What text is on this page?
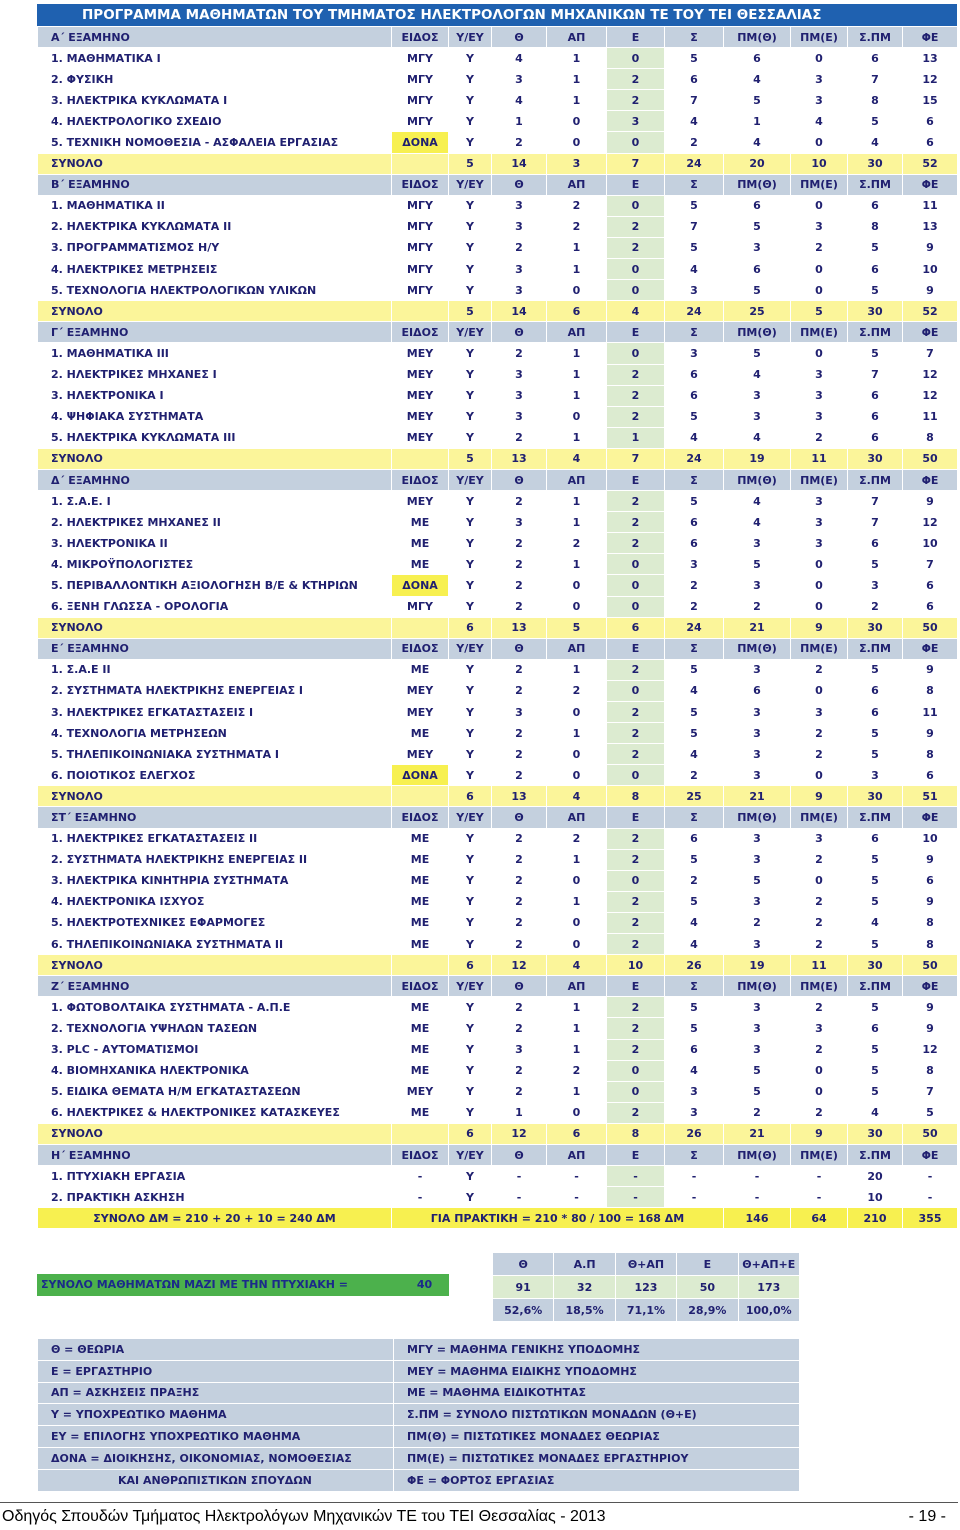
ΠΡΟΓΡΑΜΜΑ ΜΑΘΗΜΑΤΩΝ ΤΟΥ ΤΜΗΜΑΤΟΣ ΗΛΕΚΤΡΟΛΟΓΩΝ ΜΗΧΑΝΙΚΩΝ ΤΕ ΤΟΥ ΤΕΙ ΘΕΣΣΑΛΙΑΣ
Α΄ ΕΞΑΜΗΝΟ	ΕΙΔΟΣ	Υ/ΕΥ	Θ	ΑΠ	Ε	Σ	ΠΜ(Θ)	ΠΜ(Ε)	Σ.ΠΜ	ΦΕ
1. ΜΑΘΗΜΑΤΙΚΑ Ι	ΜΓΥ	Υ	4	1	0	5	6	0	6	13
2. ΦΥΣΙΚΗ	ΜΓΥ	Υ	3	1	2	6	4	3	7	12
3. ΗΛΕΚΤΡΙΚΑ ΚΥΚΛΩΜΑΤΑ Ι	ΜΓΥ	Υ	4	1	2	7	5	3	8	15
4. ΗΛΕΚΤΡΟΛΟΓΙΚΟ ΣΧΕΔΙΟ	ΜΓΥ	Υ	1	0	3	4	1	4	5	6
5. ΤΕΧΝΙΚΗ ΝΟΜΟΘΕΣΙΑ - ΑΣΦΑΛΕΙΑ ΕΡΓΑΣΙΑΣ	ΔΟΝΑ	Υ	2	0	0	2	4	0	4	6
ΣΥΝΟΛΟ		5	14	3	7	24	20	10	30	52
Β΄ ΕΞΑΜΗΝΟ	ΕΙΔΟΣ	Υ/ΕΥ	Θ	ΑΠ	Ε	Σ	ΠΜ(Θ)	ΠΜ(Ε)	Σ.ΠΜ	ΦΕ
1. ΜΑΘΗΜΑΤΙΚΑ ΙΙ	ΜΓΥ	Υ	3	2	0	5	6	0	6	11
2. ΗΛΕΚΤΡΙΚΑ ΚΥΚΛΩΜΑΤΑ ΙΙ	ΜΓΥ	Υ	3	2	2	7	5	3	8	13
3. ΠΡΟΓΡΑΜΜΑΤΙΣΜΟΣ Η/Υ	ΜΓΥ	Υ	2	1	2	5	3	2	5	9
4. ΗΛΕΚΤΡΙΚΕΣ ΜΕΤΡΗΣΕΙΣ	ΜΓΥ	Υ	3	1	0	4	6	0	6	10
5. ΤΕΧΝΟΛΟΓΙΑ ΗΛΕΚΤΡΟΛΟΓΙΚΩΝ ΥΛΙΚΩΝ	ΜΓΥ	Υ	3	0	0	3	5	0	5	9
ΣΥΝΟΛΟ		5	14	6	4	24	25	5	30	52
Γ΄ ΕΞΑΜΗΝΟ	ΕΙΔΟΣ	Υ/ΕΥ	Θ	ΑΠ	Ε	Σ	ΠΜ(Θ)	ΠΜ(Ε)	Σ.ΠΜ	ΦΕ
1. ΜΑΘΗΜΑΤΙΚΑ ΙΙΙ	ΜΕΥ	Υ	2	1	0	3	5	0	5	7
2. ΗΛΕΚΤΡΙΚΕΣ ΜΗΧΑΝΕΣ Ι	ΜΕΥ	Υ	3	1	2	6	4	3	7	12
3. ΗΛΕΚΤΡΟΝΙΚΑ Ι	ΜΕΥ	Υ	3	1	2	6	3	3	6	12
4. ΨΗΦΙΑΚΑ ΣΥΣΤΗΜΑΤΑ	ΜΕΥ	Υ	3	0	2	5	3	3	6	11
5. ΗΛΕΚΤΡΙΚΑ ΚΥΚΛΩΜΑΤΑ ΙΙΙ	ΜΕΥ	Υ	2	1	1	4	4	2	6	8
ΣΥΝΟΛΟ		5	13	4	7	24	19	11	30	50
Δ΄ ΕΞΑΜΗΝΟ	ΕΙΔΟΣ	Υ/ΕΥ	Θ	ΑΠ	Ε	Σ	ΠΜ(Θ)	ΠΜ(Ε)	Σ.ΠΜ	ΦΕ
1. Σ.Α.Ε. Ι	ΜΕΥ	Υ	2	1	2	5	4	3	7	9
2. ΗΛΕΚΤΡΙΚΕΣ ΜΗΧΑΝΕΣ ΙΙ	ΜΕ	Υ	3	1	2	6	4	3	7	12
3. ΗΛΕΚΤΡΟΝΙΚΑ ΙΙ	ΜΕ	Υ	2	2	2	6	3	3	6	10
4. ΜΙΚΡΟΫΠΟΛΟΓΙΣΤΕΣ	ΜΕ	Υ	2	1	0	3	5	0	5	7
5. ΠΕΡΙΒΑΛΛΟΝΤΙΚΗ ΑΞΙΟΛΟΓΗΣΗ Β/Ε & ΚΤΗΡΙΩΝ	ΔΟΝΑ	Υ	2	0	0	2	3	0	3	6
6. ΞΕΝΗ ΓΛΩΣΣΑ - ΟΡΟΛΟΓΙΑ	ΜΓΥ	Υ	2	0	0	2	2	0	2	6
ΣΥΝΟΛΟ		6	13	5	6	24	21	9	30	50
Ε΄ ΕΞΑΜΗΝΟ	ΕΙΔΟΣ	Υ/ΕΥ	Θ	ΑΠ	Ε	Σ	ΠΜ(Θ)	ΠΜ(Ε)	Σ.ΠΜ	ΦΕ
1. Σ.Α.Ε ΙΙ	ΜΕ	Υ	2	1	2	5	3	2	5	9
2. ΣΥΣΤΗΜΑΤΑ ΗΛΕΚΤΡΙΚΗΣ ΕΝΕΡΓΕΙΑΣ Ι	ΜΕΥ	Υ	2	2	0	4	6	0	6	8
3. ΗΛΕΚΤΡΙΚΕΣ ΕΓΚΑΤΑΣΤΑΣΕΙΣ Ι	ΜΕΥ	Υ	3	0	2	5	3	3	6	11
4. ΤΕΧΝΟΛΟΓΙΑ ΜΕΤΡΗΣΕΩΝ	ΜΕ	Υ	2	1	2	5	3	2	5	9
5. ΤΗΛΕΠΙΚΟΙΝΩΝΙΑΚΑ ΣΥΣΤΗΜΑΤΑ Ι	ΜΕΥ	Υ	2	0	2	4	3	2	5	8
6. ΠΟΙΟΤΙΚΟΣ ΕΛΕΓΧΟΣ	ΔΟΝΑ	Υ	2	0	0	2	3	0	3	6
ΣΥΝΟΛΟ		6	13	4	8	25	21	9	30	51
ΣΤ΄ ΕΞΑΜΗΝΟ	ΕΙΔΟΣ	Υ/ΕΥ	Θ	ΑΠ	Ε	Σ	ΠΜ(Θ)	ΠΜ(Ε)	Σ.ΠΜ	ΦΕ
1. ΗΛΕΚΤΡΙΚΕΣ ΕΓΚΑΤΑΣΤΑΣΕΙΣ ΙΙ	ΜΕ	Υ	2	2	2	6	3	3	6	10
2. ΣΥΣΤΗΜΑΤΑ ΗΛΕΚΤΡΙΚΗΣ ΕΝΕΡΓΕΙΑΣ ΙΙ	ΜΕ	Υ	2	1	2	5	3	2	5	9
3. ΗΛΕΚΤΡΙΚΑ ΚΙΝΗΤΗΡΙΑ ΣΥΣΤΗΜΑΤΑ	ΜΕ	Υ	2	0	0	2	5	0	5	6
4. ΗΛΕΚΤΡΟΝΙΚΑ ΙΣΧΥΟΣ	ΜΕ	Υ	2	1	2	5	3	2	5	9
5. ΗΛΕΚΤΡΟΤΕΧΝΙΚΕΣ ΕΦΑΡΜΟΓΕΣ	ΜΕ	Υ	2	0	2	4	2	2	4	8
6. ΤΗΛΕΠΙΚΟΙΝΩΝΙΑΚΑ ΣΥΣΤΗΜΑΤΑ ΙΙ	ΜΕ	Υ	2	0	2	4	3	2	5	8
ΣΥΝΟΛΟ		6	12	4	10	26	19	11	30	50
Ζ΄ ΕΞΑΜΗΝΟ	ΕΙΔΟΣ	Υ/ΕΥ	Θ	ΑΠ	Ε	Σ	ΠΜ(Θ)	ΠΜ(Ε)	Σ.ΠΜ	ΦΕ
1. ΦΩΤΟΒΟΛΤΑΙΚΑ ΣΥΣΤΗΜΑΤΑ - Α.Π.Ε	ΜΕ	Υ	2	1	2	5	3	2	5	9
2. ΤΕΧΝΟΛΟΓΙΑ ΥΨΗΛΩΝ ΤΑΣΕΩΝ	ΜΕ	Υ	2	1	2	5	3	3	6	9
3. PLC - ΑΥΤΟΜΑΤΙΣΜΟΙ	ΜΕ	Υ	3	1	2	6	3	2	5	12
4. ΒΙΟΜΗΧΑΝΙΚΑ ΗΛΕΚΤΡΟΝΙΚΑ	ΜΕ	Υ	2	2	0	4	5	0	5	8
5. ΕΙΔΙΚΑ ΘΕΜΑΤΑ Η/Μ ΕΓΚΑΤΑΣΤΑΣΕΩΝ	ΜΕΥ	Υ	2	1	0	3	5	0	5	7
6. ΗΛΕΚΤΡΙΚΕΣ & ΗΛΕΚΤΡΟΝΙΚΕΣ ΚΑΤΑΣΚΕΥΕΣ	ΜΕ	Υ	1	0	2	3	2	2	4	5
ΣΥΝΟΛΟ		6	12	6	8	26	21	9	30	50
Η΄ ΕΞΑΜΗΝΟ	ΕΙΔΟΣ	Υ/ΕΥ	Θ	ΑΠ	Ε	Σ	ΠΜ(Θ)	ΠΜ(Ε)	Σ.ΠΜ	ΦΕ
1. ΠΤΥΧΙΑΚΗ ΕΡΓΑΣΙΑ	-	Υ	-	-	-	-	-	-	20	-
2. ΠΡΑΚΤΙΚΗ ΑΣΚΗΣΗ	-	Υ	-	-	-	-	-	-	10	-
ΣΥΝΟΛΟ ΔΜ = 210 + 20 + 10 = 240 ΔΜ	ΓΙΑ ΠΡΑΚΤΙΚΗ = 210 * 80 / 100 = 168 ΔΜ						146	64	210	355
ΣΥΝΟΛΟ ΜΑΘΗΜΑΤΩΝ ΜΑΖΙ ΜΕ ΤΗΝ ΠΤΥΧΙΑΚΗ =	40
Θ	Α.Π	Θ+ΑΠ	Ε	Θ+ΑΠ+Ε
91	32	123	50	173
52,6%	18,5%	71,1%	28,9%	100,0%
Θ = ΘΕΩΡΙΑ	ΜΓΥ = ΜΑΘΗΜΑ ΓΕΝΙΚΗΣ ΥΠΟΔΟΜΗΣ
Ε = ΕΡΓΑΣΤΗΡΙΟ	ΜΕΥ = ΜΑΘΗΜΑ ΕΙΔΙΚΗΣ ΥΠΟΔΟΜΗΣ
ΑΠ = ΑΣΚΗΣΕΙΣ ΠΡΑΞΗΣ	ΜΕ = ΜΑΘΗΜΑ ΕΙΔΙΚΟΤΗΤΑΣ
Υ = ΥΠΟΧΡΕΩΤΙΚΟ ΜΑΘΗΜΑ	Σ.ΠΜ = ΣΥΝΟΛΟ ΠΙΣΤΩΤΙΚΩΝ ΜΟΝΑΔΩΝ (Θ+Ε)
ΕΥ = ΕΠΙΛΟΓΗΣ ΥΠΟΧΡΕΩΤΙΚΟ ΜΑΘΗΜΑ	ΠΜ(Θ) = ΠΙΣΤΩΤΙΚΕΣ ΜΟΝΑΔΕΣ ΘΕΩΡΙΑΣ
ΔΟΝΑ = ΔΙΟΙΚΗΣΗΣ, ΟΙΚΟΝΟΜΙΑΣ, ΝΟΜΟΘΕΣΙΑΣ	ΠΜ(Ε) = ΠΙΣΤΩΤΙΚΕΣ ΜΟΝΑΔΕΣ ΕΡΓΑΣΤΗΡΙΟΥ
ΚΑΙ ΑΝΘΡΩΠΙΣΤΙΚΩΝ ΣΠΟΥΔΩΝ	ΦΕ = ΦΟΡΤΟΣ ΕΡΓΑΣΙΑΣ
Οδηγός Σπουδών Τμήματος Ηλεκτρολόγων Μηχανικών ΤΕ του ΤΕΙ Θεσσαλίας - 2013	- 19 -
